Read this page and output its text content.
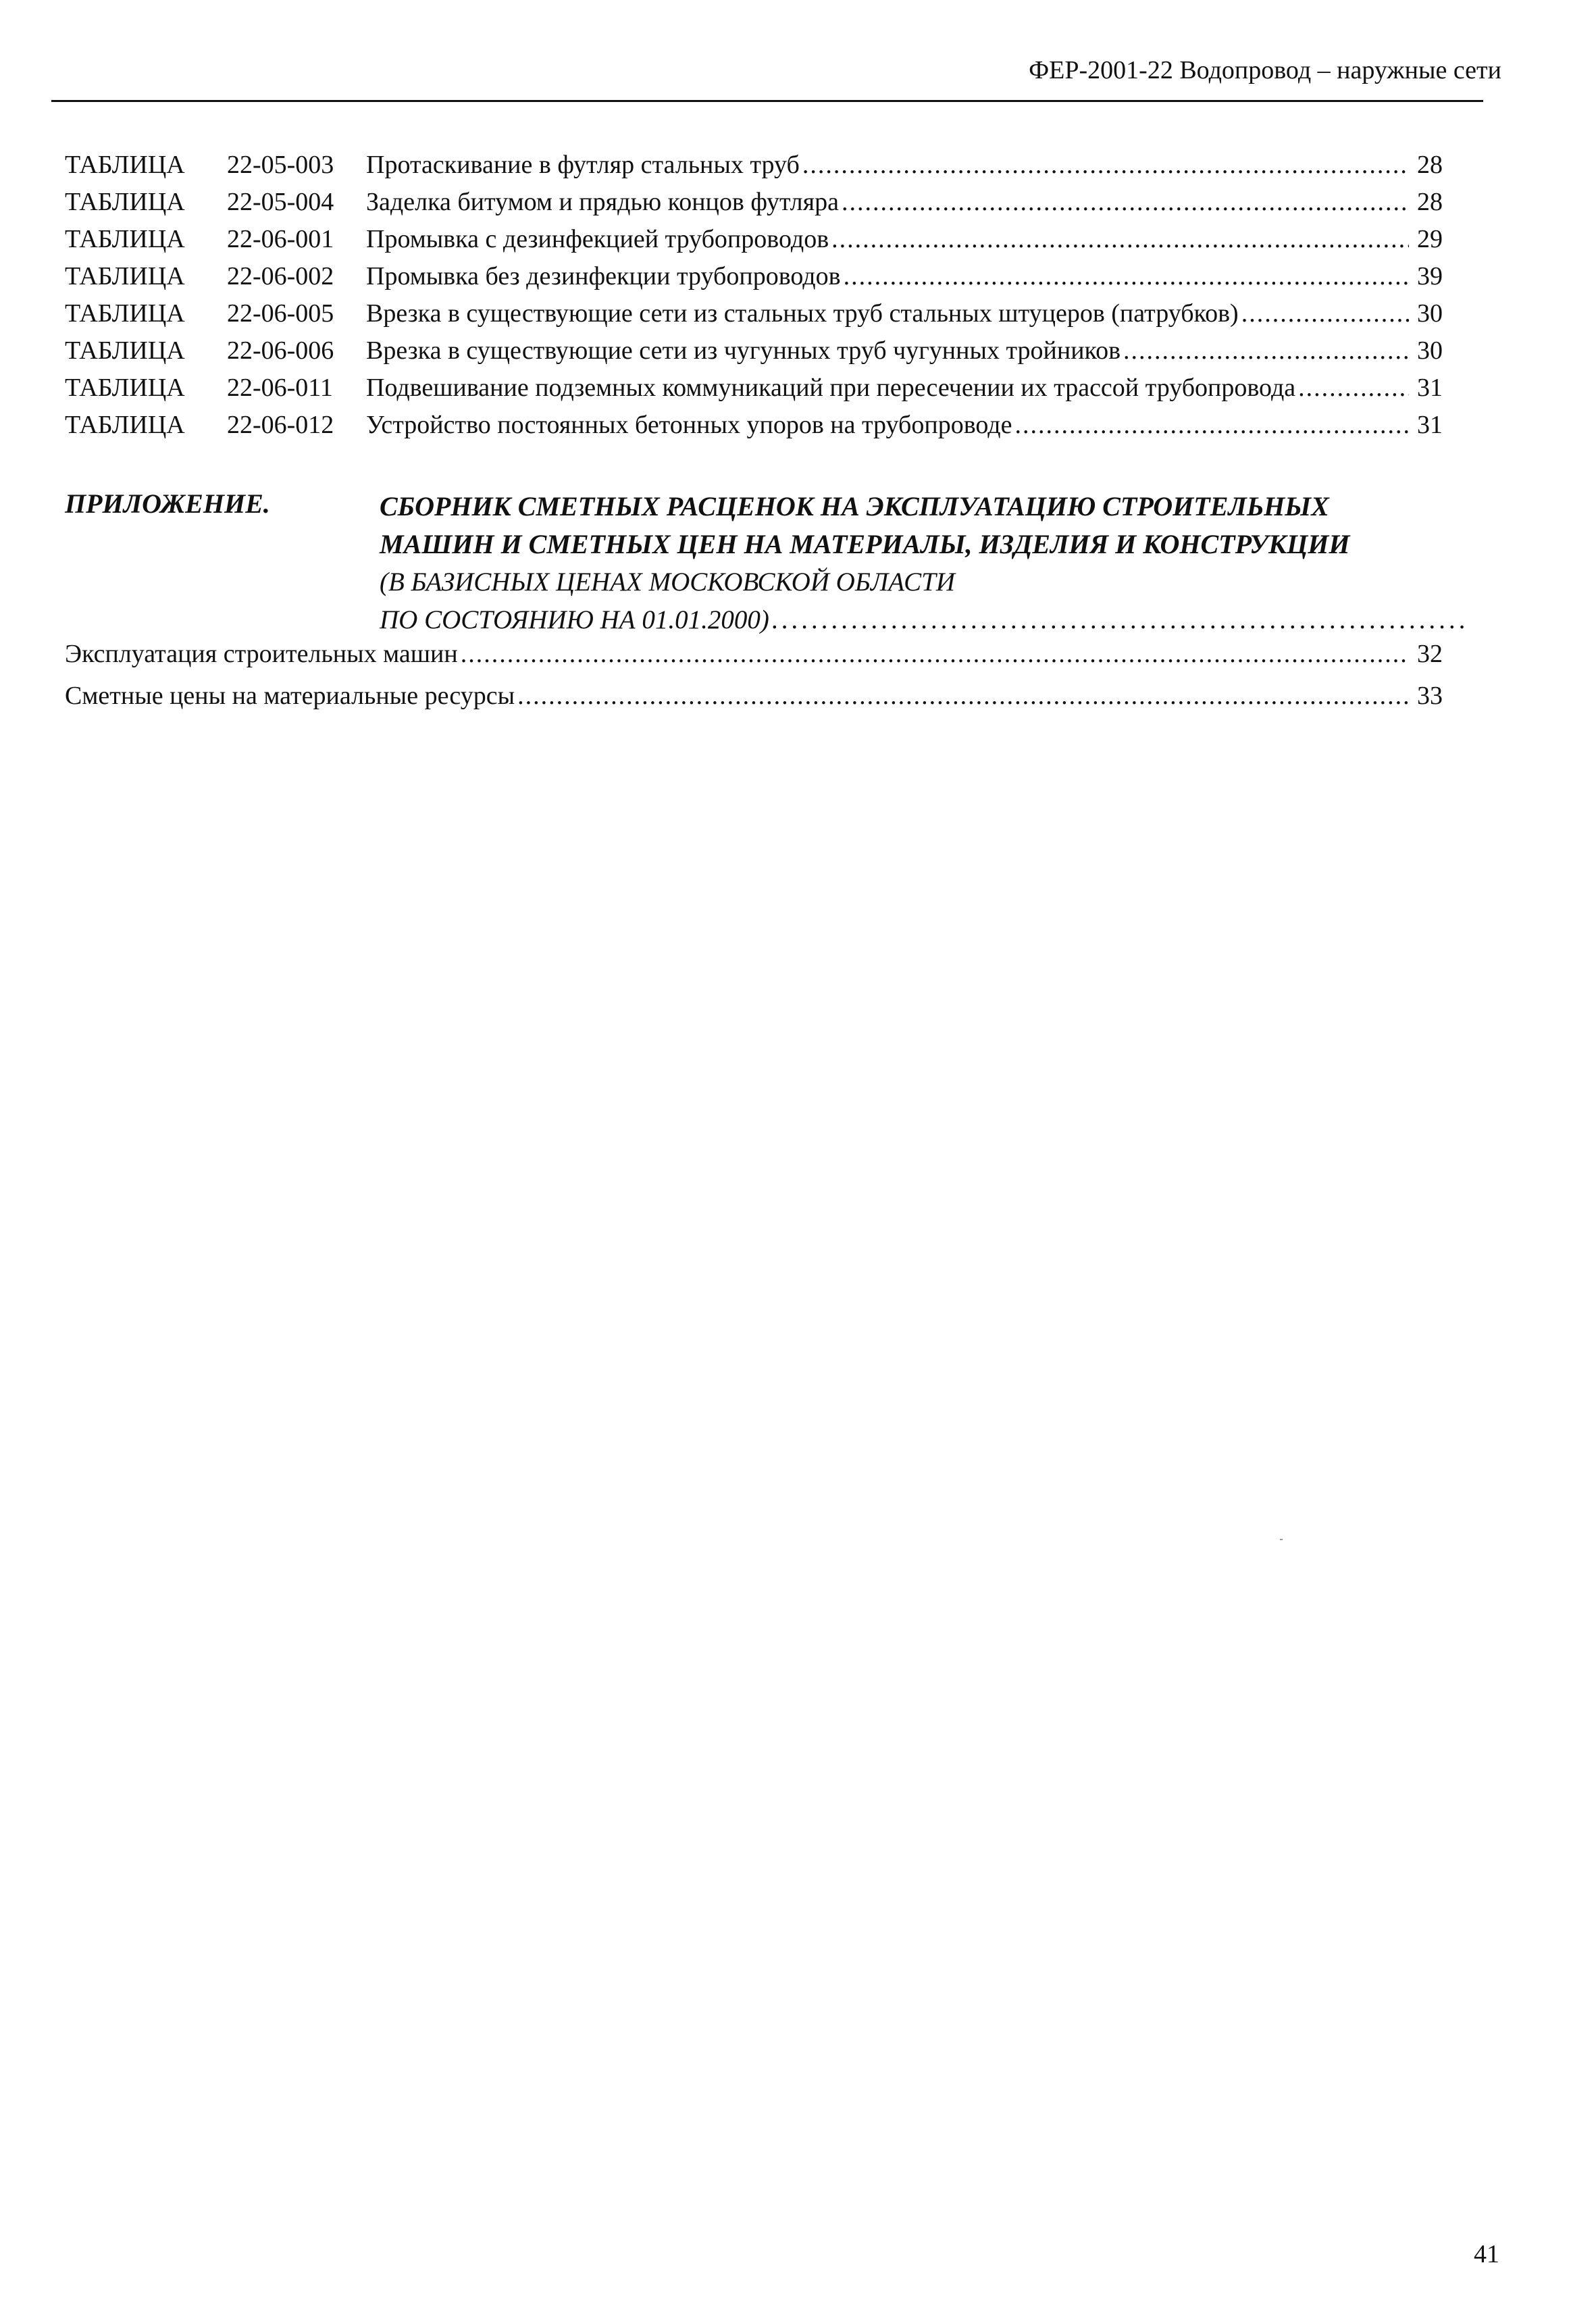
ФЕР-2001-22 Водопровод – наружные сети
ТАБЛИЦА	22-05-003	Протаскивание в футляр стальных труб .....	28
ТАБЛИЦА	22-05-004	Заделка битумом и прядью концов футляра .....	28
ТАБЛИЦА	22-06-001	Промывка с дезинфекцией трубопроводов .....	29
ТАБЛИЦА	22-06-002	Промывка без дезинфекции трубопроводов .....	39
ТАБЛИЦА	22-06-005	Врезка в существующие сети из стальных труб стальных штуцеров (патрубков) .....	30
ТАБЛИЦА	22-06-006	Врезка в существующие сети из чугунных труб чугунных тройников .....	30
ТАБЛИЦА	22-06-011	Подвешивание подземных коммуникаций при пересечении их трассой трубопровода .....	31
ТАБЛИЦА	22-06-012	Устройство постоянных бетонных упоров на трубопроводе .....	31
ПРИЛОЖЕНИЕ.	СБОРНИК СМЕТНЫХ РАСЦЕНОК НА ЭКСПЛУАТАЦИЮ СТРОИТЕЛЬНЫХ
МАШИН И СМЕТНЫХ ЦЕН НА МАТЕРИАЛЫ, ИЗДЕЛИЯ И КОНСТРУКЦИИ
(В БАЗИСНЫХ ЦЕНАХ МОСКОВСКОЙ ОБЛАСТИ
ПО СОСТОЯНИЮ НА 01.01.2000)
.....
Эксплуатация строительных машин .....	32
Сметные цены на материальные ресурсы .....	33
41
